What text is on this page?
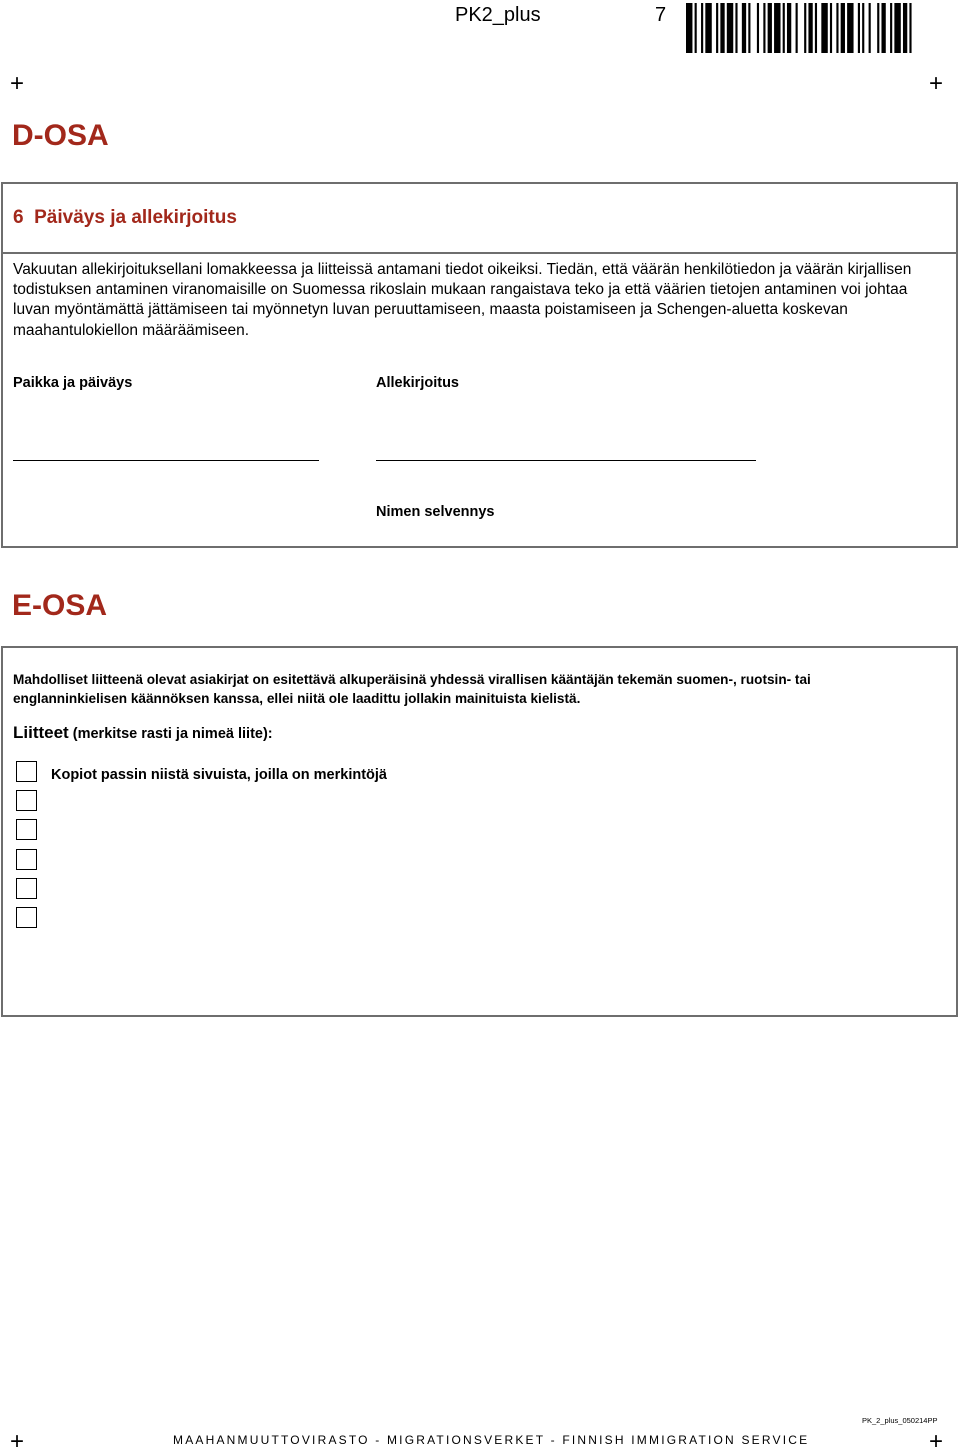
PK2_plus	7
+	+
D-OSA
6  Päiväys ja allekirjoitus
Vakuutan allekirjoituksellani lomakkeessa ja liitteissä antamani tiedot oikeiksi. Tiedän, että väärän henkilötiedon ja väärän kirjallisen todistuksen antaminen viranomaisille on Suomessa rikoslain mukaan rangaistava teko ja että väärien tietojen antaminen voi johtaa luvan myöntämättä jättämiseen tai myönnetyn luvan peruuttamiseen, maasta poistamiseen ja Schengen-aluetta koskevan maahantulokiellon määräämiseen.
Paikka ja päiväys	Allekirjoitus
Nimen selvennys
E-OSA
Mahdolliset liitteenä olevat asiakirjat on esitettävä alkuperäisinä yhdessä virallisen kääntäjän tekemän suomen-, ruotsin- tai englanninkielisen käännöksen kanssa, ellei niitä ole laadittu jollakin mainituista kielistä.
Liitteet (merkitse rasti ja nimeä liite):
Kopiot passin niistä sivuista, joilla on merkintöjä
PK_2_plus_050214PP
+	MAAHANMUUTTOVIRASTO - MIGRATIONSVERKET - FINNISH IMMIGRATION SERVICE	+
